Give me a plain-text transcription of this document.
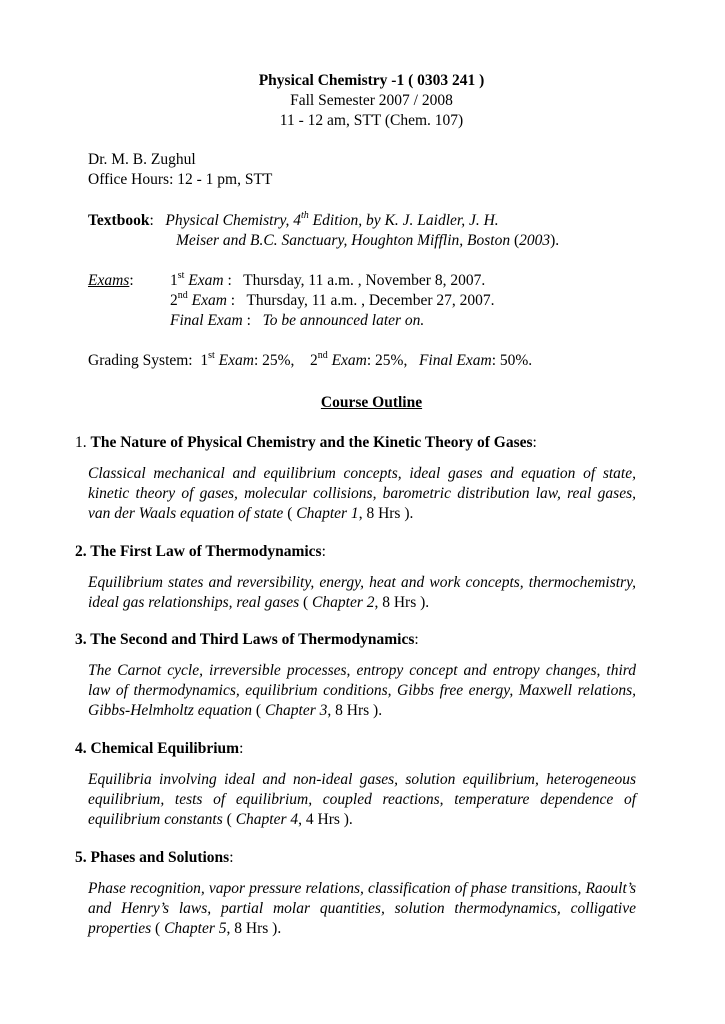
Physical Chemistry -1 ( 0303 241 )
Fall Semester 2007 / 2008
11 - 12 am, STT (Chem. 107)
Dr. M. B. Zughul
Office Hours: 12 - 1 pm, STT
Textbook:   Physical Chemistry, 4th Edition, by K. J. Laidler, J. H.
Meiser and B.C. Sanctuary, Houghton Mifflin, Boston (2003).
Exams: 1st Exam :   Thursday, 11 a.m. , November 8, 2007.
2nd Exam :   Thursday, 11 a.m. , December 27, 2007.
Final Exam :   To be announced later on.
Grading System:  1st Exam: 25%,    2nd Exam: 25%,   Final Exam: 50%.
Course Outline
1. The Nature of Physical Chemistry and the Kinetic Theory of Gases:
Classical mechanical and equilibrium concepts, ideal gases and equation of state, kinetic theory of gases, molecular collisions, barometric distribution law, real gases, van der Waals equation of state ( Chapter 1, 8 Hrs ).
2. The First Law of Thermodynamics:
Equilibrium states and reversibility, energy, heat and work concepts, thermochemistry, ideal gas relationships, real gases ( Chapter 2, 8 Hrs ).
3. The Second and Third Laws of Thermodynamics:
The Carnot cycle, irreversible processes, entropy concept and entropy changes, third law of thermodynamics, equilibrium conditions, Gibbs free energy, Maxwell relations, Gibbs-Helmholtz equation ( Chapter 3, 8 Hrs ).
4. Chemical Equilibrium:
Equilibria involving ideal and non-ideal gases, solution equilibrium, heterogeneous equilibrium, tests of equilibrium, coupled reactions, temperature dependence of equilibrium constants ( Chapter 4, 4 Hrs ).
5. Phases and Solutions:
Phase recognition, vapor pressure relations, classification of phase transitions, Raoult’s and Henry’s laws, partial molar quantities, solution thermodynamics, colligative properties ( Chapter 5, 8 Hrs ).
